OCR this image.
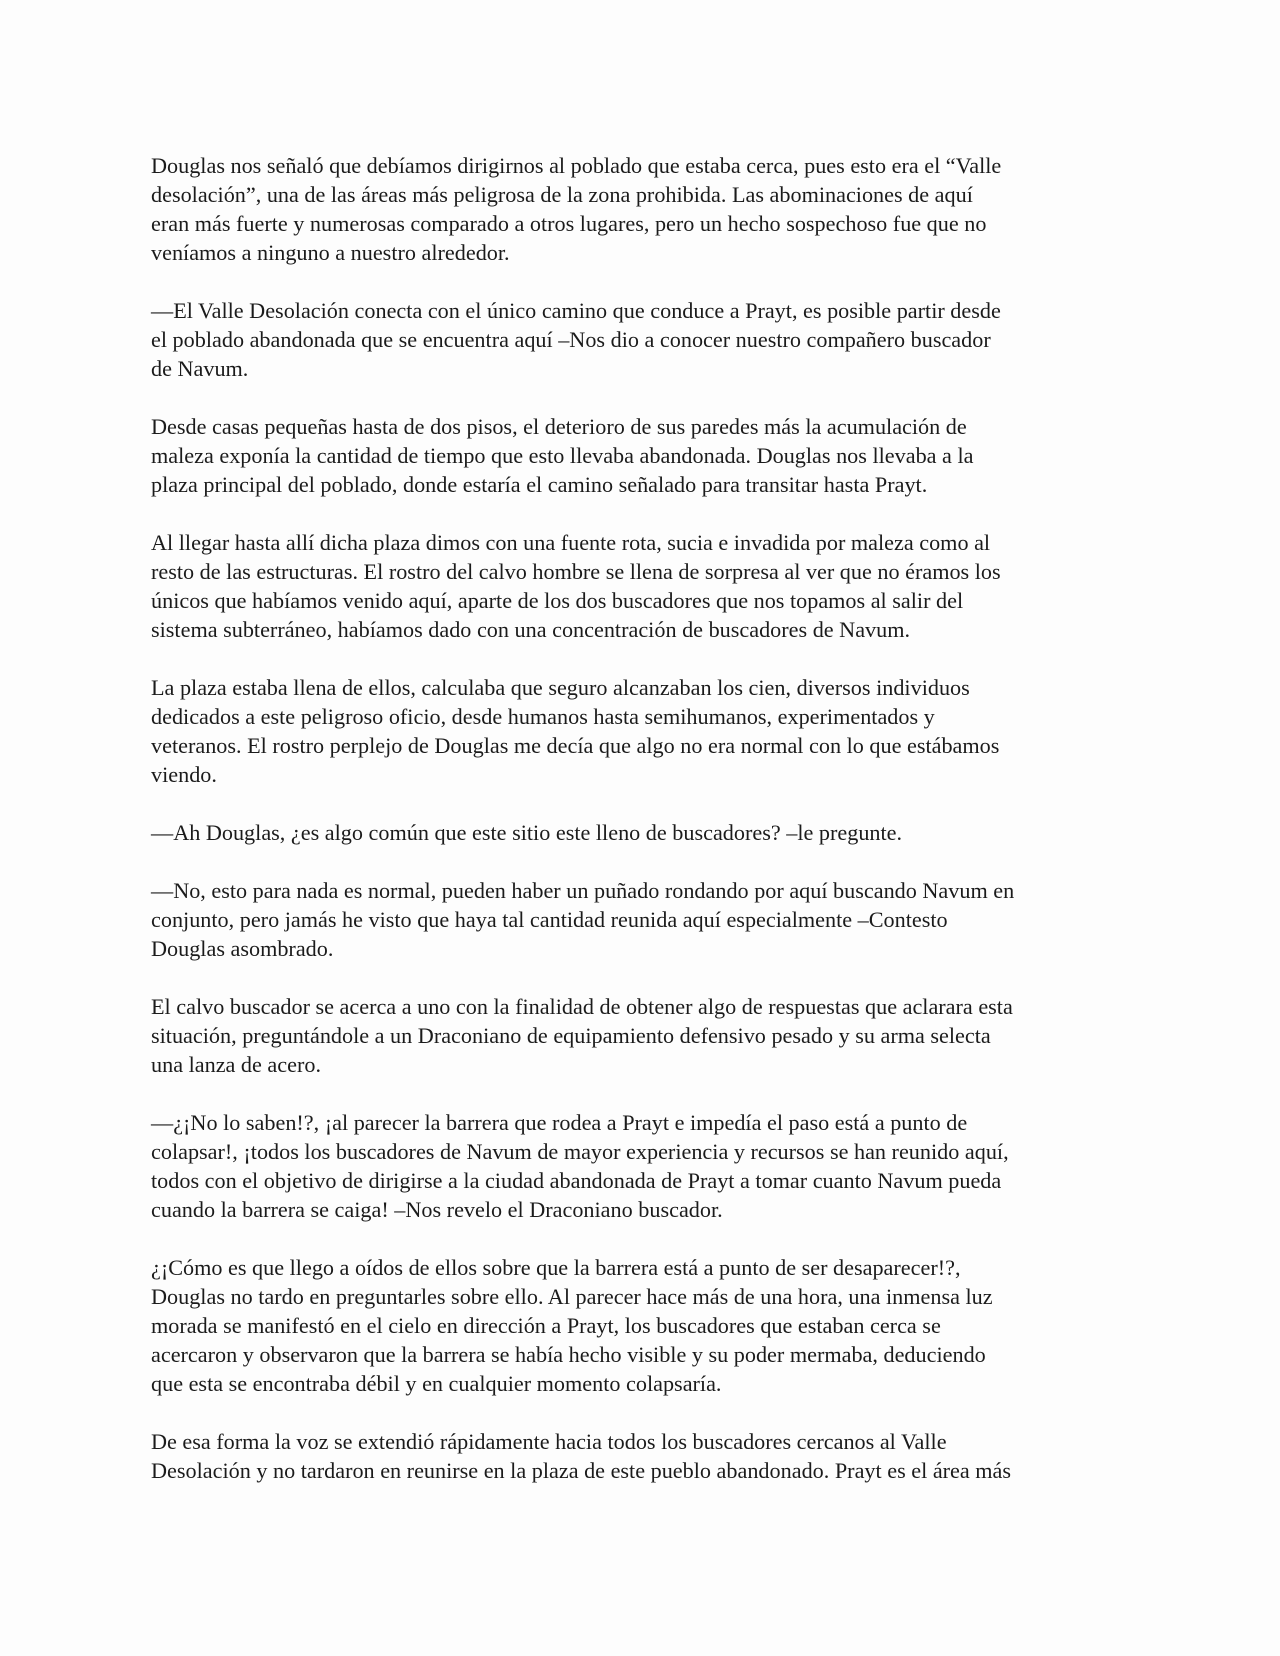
Douglas nos señaló que debíamos dirigirnos al poblado que estaba cerca, pues esto era el “Valle
desolación”, una de las áreas más peligrosa de la zona prohibida. Las abominaciones de aquí
eran más fuerte y numerosas comparado a otros lugares, pero un hecho sospechoso fue que no
veníamos a ninguno a nuestro alrededor.

—El Valle Desolación conecta con el único camino que conduce a Prayt, es posible partir desde
el poblado abandonada que se encuentra aquí –Nos dio a conocer nuestro compañero buscador
de Navum.

Desde casas pequeñas hasta de dos pisos, el deterioro de sus paredes más la acumulación de
maleza exponía la cantidad de tiempo que esto llevaba abandonada. Douglas nos llevaba a la
plaza principal del poblado, donde estaría el camino señalado para transitar hasta Prayt.

Al llegar hasta allí dicha plaza dimos con una fuente rota, sucia e invadida por maleza como al
resto de las estructuras. El rostro del calvo hombre se llena de sorpresa al ver que no éramos los
únicos que habíamos venido aquí, aparte de los dos buscadores que nos topamos al salir del
sistema subterráneo, habíamos dado con una concentración de buscadores de Navum.

La plaza estaba llena de ellos, calculaba que seguro alcanzaban los cien, diversos individuos
dedicados a este peligroso oficio, desde humanos hasta semihumanos, experimentados y
veteranos. El rostro perplejo de Douglas me decía que algo no era normal con lo que estábamos
viendo.

—Ah Douglas, ¿es algo común que este sitio este lleno de buscadores? –le pregunte.

—No, esto para nada es normal, pueden haber un puñado rondando por aquí buscando Navum en
conjunto, pero jamás he visto que haya tal cantidad reunida aquí especialmente –Contesto
Douglas asombrado.

El calvo buscador se acerca a uno con la finalidad de obtener algo de respuestas que aclarara esta
situación, preguntándole a un Draconiano de equipamiento defensivo pesado y su arma selecta
una lanza de acero.

—¿¡No lo saben!?, ¡al parecer la barrera que rodea a Prayt e impedía el paso está a punto de
colapsar!, ¡todos los buscadores de Navum de mayor experiencia y recursos se han reunido aquí,
todos con el objetivo de dirigirse a la ciudad abandonada de Prayt a tomar cuanto Navum pueda
cuando la barrera se caiga! –Nos revelo el Draconiano buscador.

¿¡Cómo es que llego a oídos de ellos sobre que la barrera está a punto de ser desaparecer!?,
Douglas no tardo en preguntarles sobre ello. Al parecer hace más de una hora, una inmensa luz
morada se manifestó en el cielo en dirección a Prayt, los buscadores que estaban cerca se
acercaron y observaron que la barrera se había hecho visible y su poder mermaba, deduciendo
que esta se encontraba débil y en cualquier momento colapsaría.

De esa forma la voz se extendió rápidamente hacia todos los buscadores cercanos al Valle
Desolación y no tardaron en reunirse en la plaza de este pueblo abandonado. Prayt es el área más
